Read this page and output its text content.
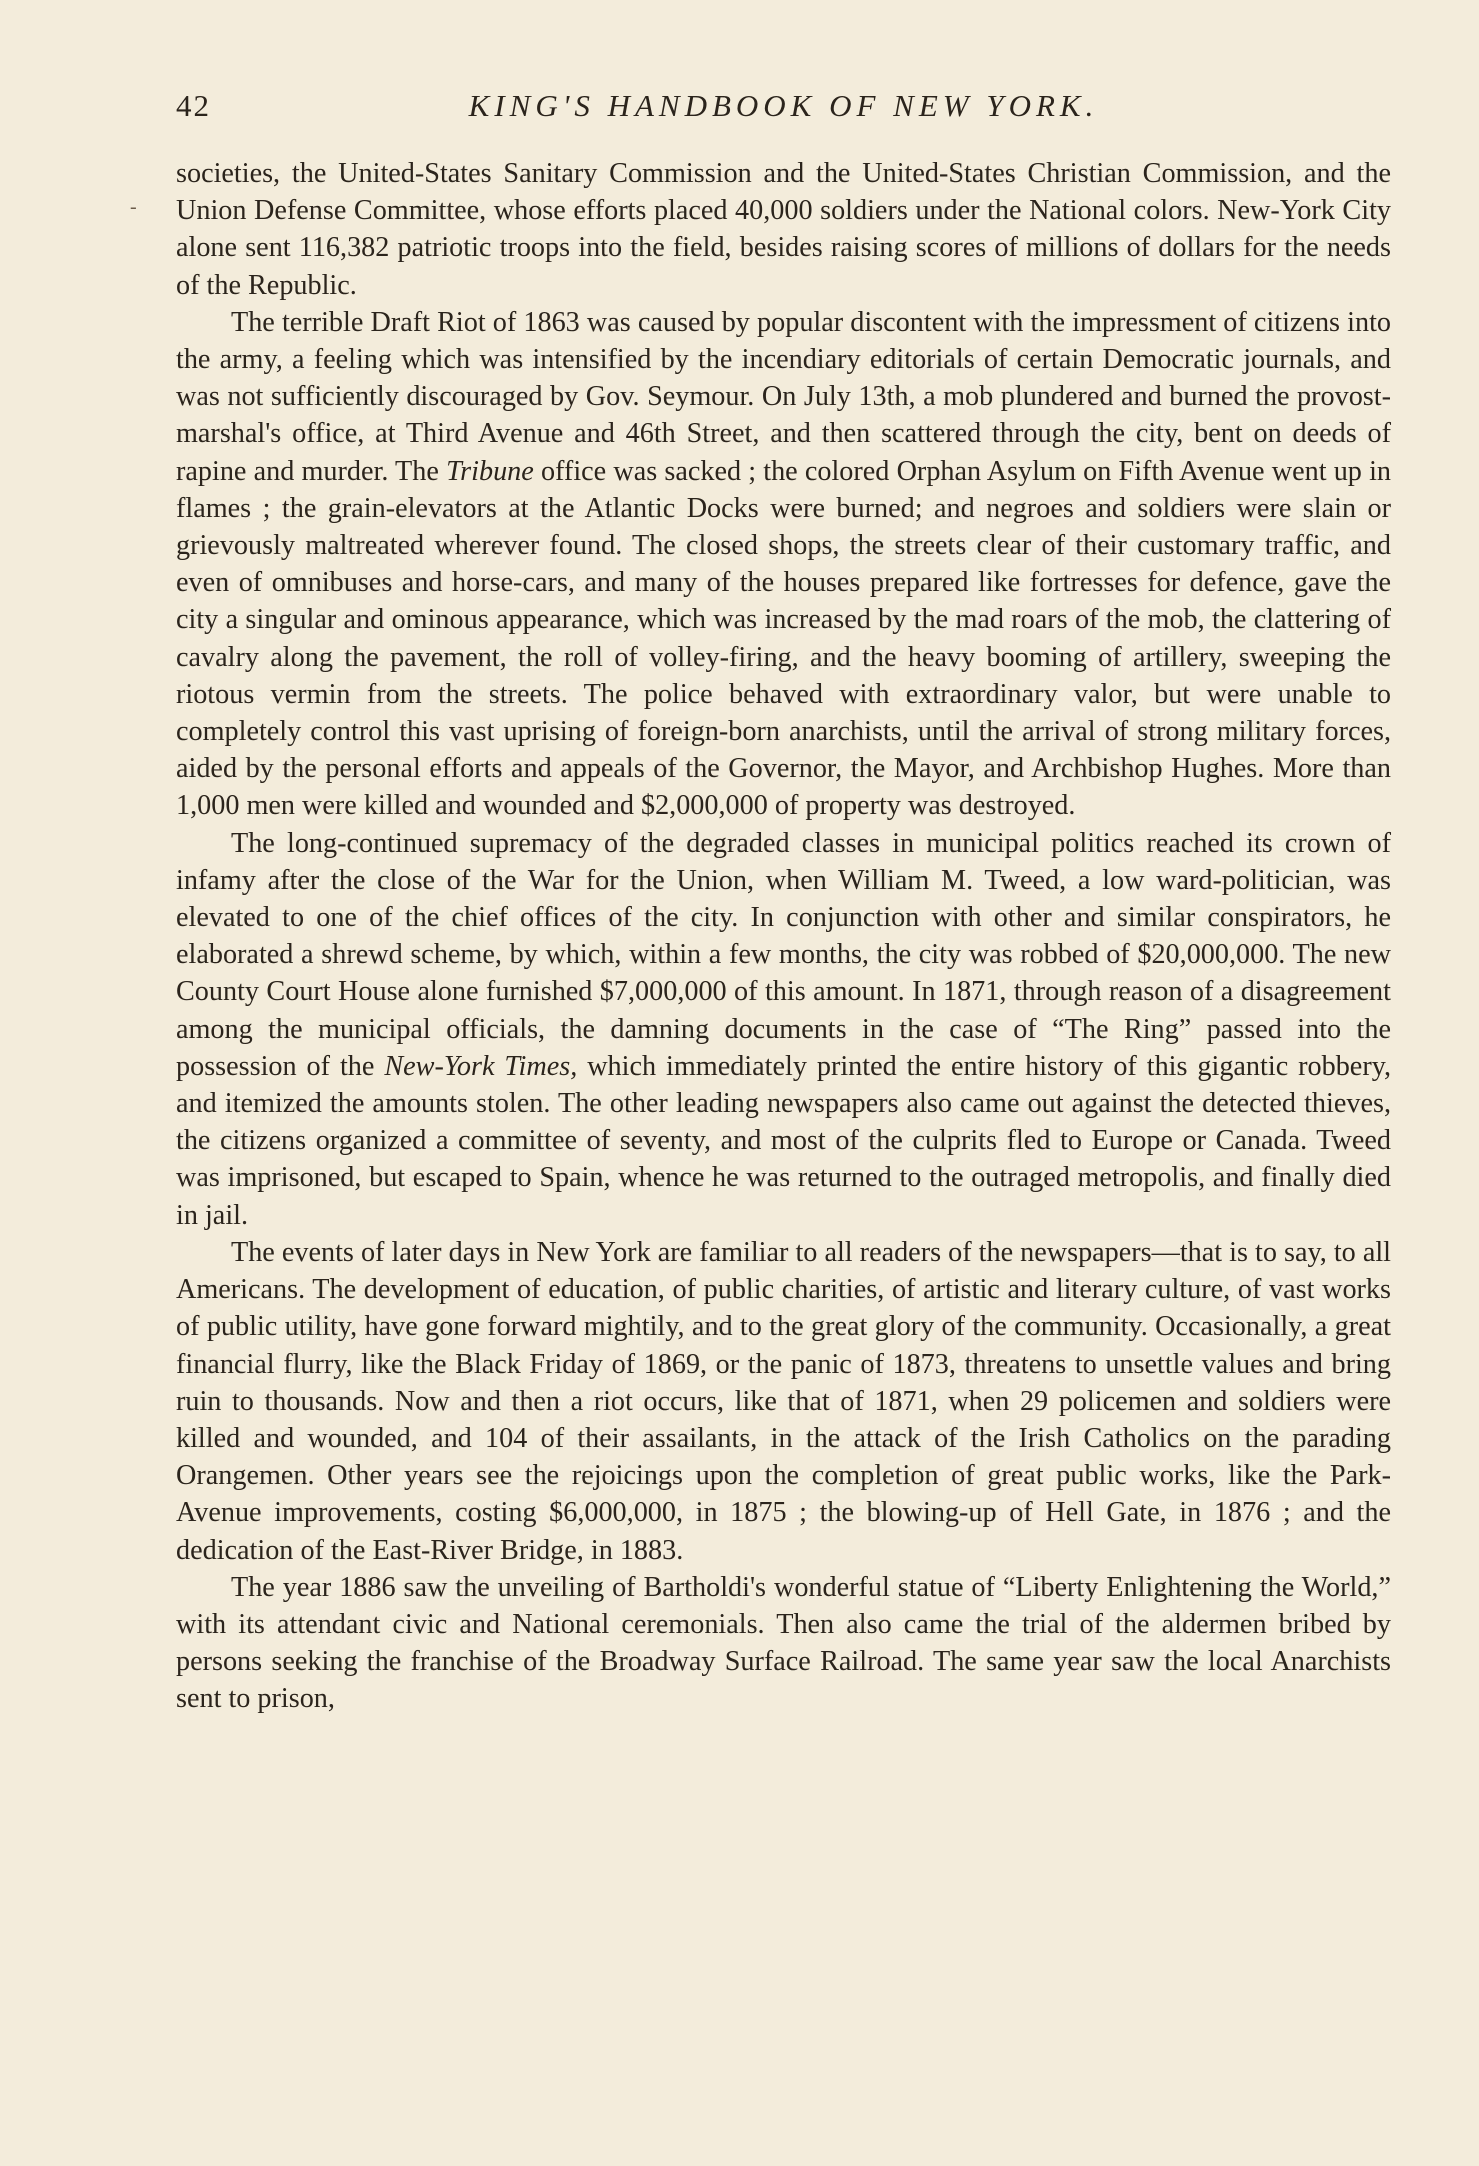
42	KING'S HANDBOOK OF NEW YORK.
-

societies, the United-States Sanitary Commission and the United-States Christian Commission, and the Union Defense Committee, whose efforts placed 40,000 soldiers under the National colors. New-York City alone sent 116,382 patriotic troops into the field, besides raising scores of millions of dollars for the needs of the Republic.

The terrible Draft Riot of 1863 was caused by popular discontent with the impressment of citizens into the army, a feeling which was intensified by the incendiary editorials of certain Democratic journals, and was not sufficiently discouraged by Gov. Seymour. On July 13th, a mob plundered and burned the provost-marshal's office, at Third Avenue and 46th Street, and then scattered through the city, bent on deeds of rapine and murder. The Tribune office was sacked ; the colored Orphan Asylum on Fifth Avenue went up in flames ; the grain-elevators at the Atlantic Docks were burned; and negroes and soldiers were slain or grievously maltreated wherever found. The closed shops, the streets clear of their customary traffic, and even of omnibuses and horse-cars, and many of the houses prepared like fortresses for defence, gave the city a singular and ominous appearance, which was increased by the mad roars of the mob, the clattering of cavalry along the pavement, the roll of volley-firing, and the heavy booming of artillery, sweeping the riotous vermin from the streets. The police behaved with extraordinary valor, but were unable to completely control this vast uprising of foreign-born anarchists, until the arrival of strong military forces, aided by the personal efforts and appeals of the Governor, the Mayor, and Archbishop Hughes. More than 1,000 men were killed and wounded and $2,000,000 of property was destroyed.

The long-continued supremacy of the degraded classes in municipal politics reached its crown of infamy after the close of the War for the Union, when William M. Tweed, a low ward-politician, was elevated to one of the chief offices of the city. In conjunction with other and similar conspirators, he elaborated a shrewd scheme, by which, within a few months, the city was robbed of $20,000,000. The new County Court House alone furnished $7,000,000 of this amount. In 1871, through reason of a disagreement among the municipal officials, the damning documents in the case of “The Ring” passed into the possession of the New-York Times, which immediately printed the entire history of this gigantic robbery, and itemized the amounts stolen. The other leading newspapers also came out against the detected thieves, the citizens organized a committee of seventy, and most of the culprits fled to Europe or Canada. Tweed was imprisoned, but escaped to Spain, whence he was returned to the outraged metropolis, and finally died in jail.

The events of later days in New York are familiar to all readers of the newspapers—that is to say, to all Americans. The development of education, of public charities, of artistic and literary culture, of vast works of public utility, have gone forward mightily, and to the great glory of the community. Occasionally, a great financial flurry, like the Black Friday of 1869, or the panic of 1873, threatens to unsettle values and bring ruin to thousands. Now and then a riot occurs, like that of 1871, when 29 policemen and soldiers were killed and wounded, and 104 of their assailants, in the attack of the Irish Catholics on the parading Orangemen. Other years see the rejoicings upon the completion of great public works, like the Park-Avenue improvements, costing $6,000,000, in 1875 ; the blowing-up of Hell Gate, in 1876 ; and the dedication of the East-River Bridge, in 1883.

The year 1886 saw the unveiling of Bartholdi's wonderful statue of “Liberty Enlightening the World,” with its attendant civic and National ceremonials. Then also came the trial of the aldermen bribed by persons seeking the franchise of the Broadway Surface Railroad. The same year saw the local Anarchists sent to prison,
